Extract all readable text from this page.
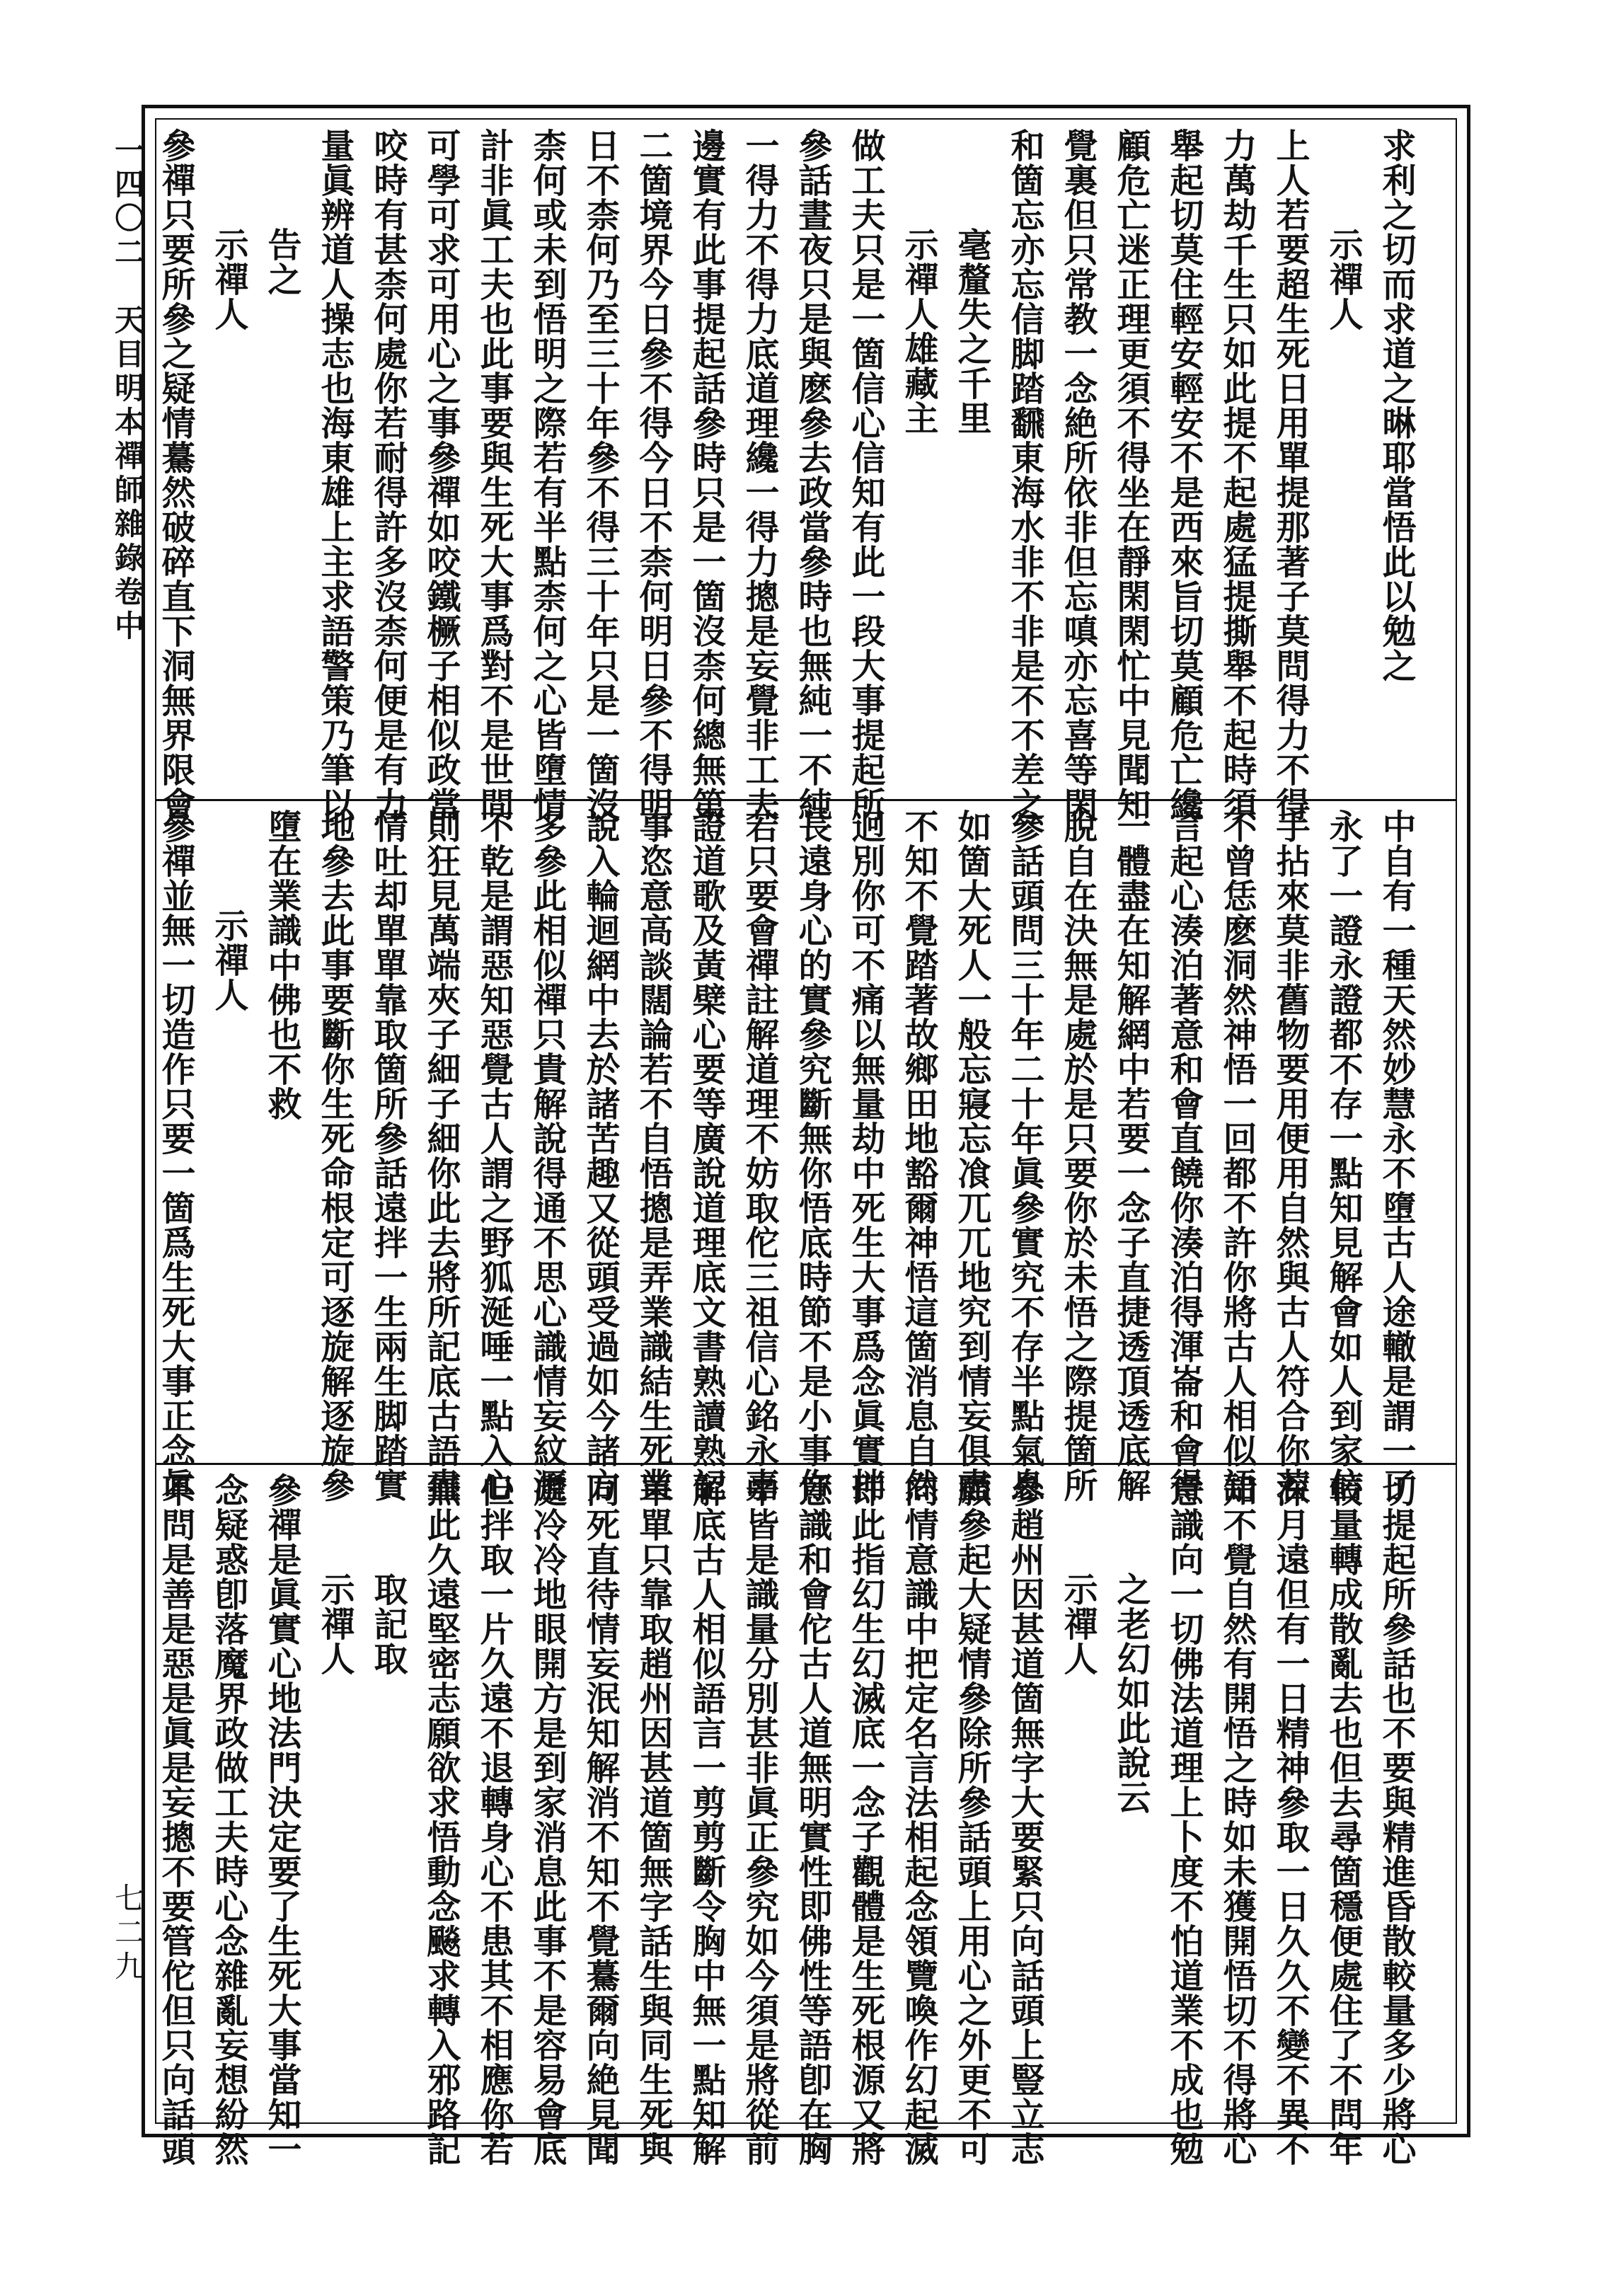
一四〇二　天目明本禪師雜錄卷中
七二九
求利之切而求道之晽耶當悟此以勉之
示禪人
上人若要超生死日用單提那著子莫問得力不得
力萬劫千生只如此提不起處猛提撕舉不起時須
舉起切莫住輕安輕安不是西來旨切莫顧危亡纔
顧危亡迷正理更須不得坐在靜閑閑忙中見聞知
覺裏但只常教一念絶所依非但忘嗔亦忘喜等閑
和箇忘亦忘信脚踏飜東海水非不非是不不差之
毫釐失之千里
示禪人雄藏主
做工夫只是一箇信心信知有此一段大事提起所
參話晝夜只是與麽參去政當參時也無純一不純
一得力不得力底道理纔一得力摠是妄覺非工夫
邊實有此事提起話參時只是一箇沒柰何總無第
二箇境界今日參不得今日不柰何明日參不得明
日不柰何乃至三十年參不得三十年只是一箇沒
柰何或未到悟明之際若有半點柰何之心皆墮情
計非眞工夫也此事要與生死大事爲對不是世間
可學可求可用心之事參禪如咬鐵橛子相似政當
咬時有甚柰何處你若耐得許多沒柰何便是有力
量眞辨道人操志也海東雄上主求語警策乃筆以
告之
示禪人
參禪只要所參之疑情驀然破碎直下洞無界限會
中自有一種天然妙慧永不墮古人途轍是謂一了
永了一證永證都不存一點知見解會如人到家信
手拈來莫非舊物要用便用自然與古人符合你若
不曾恁麽洞然神悟一回都不許你將古人相似語
言起心湊泊著意和會直饒你湊泊得渾崙和會得
一體盡在知解網中若要一念子直捷透頂透底解
脫自在決無是處於是只要你於未悟之際提箇所
參話頭問三十年二十年眞參實究不存半點氣息
如箇大死人一般忘寢忘飡兀兀地究到情妄俱盡
不知不覺踏著故鄉田地豁爾神悟這箇消息自然
迥別你可不痛以無量劫中死生大事爲念眞實拌
長遠身心的實參究斷無你悟底時節不是小事你
若只要會禪註解道理不妨取佗三祖信心銘永嘉
證道歌及黃檗心要等廣說道理底文書熟讀熟記
事恣意高談闊論若不自悟摠是弄業識結生死業
說入輪迴網中去於諸苦趣又從頭受過如今諸方
多參此相似禪只貴解說得通不思心識情妄紋瀝
不乾是謂惡知惡覺古人謂之野狐涎唾一點入心
則狂見萬端夾子細子細你此去將所記底古語盡
情吐却單單靠取箇所參話遠拌一生兩生脚踏實
地參去此事要斷你生死命根定可逐旋解逐旋參
墮在業識中佛也不救
示禪人
參禪並無一切造作只要一箇爲生死大事正念眞
切提起所參話也不要與精進昏散較量多少將心
較量轉成散亂去也但去尋箇穩便處住了不問年
深月遠但有一日精神參取一日久久不變不異不
知不覺自然有開悟之時如未獲開悟切不得將心
意識向一切佛法道理上卜度不怕道業不成也勉
之老幻如此說云
示禪人
參趙州因甚道箇無字大要緊只向話頭上豎立志
願參起大疑情參除所參話頭上用心之外更不可
向情意識中把定名言法相起念領覽喚作幻起滅
即此指幻生幻滅底一念子觀體是生死根源又將
意識和會佗古人道無明實性即佛性等語卽在胸
中皆是識量分別甚非眞正參究如今須是將從前
解底古人相似語言一剪剪斷令胸中無一點知解
單單只靠取趙州因甚道箇無字話生與同生死與
同死直待情妄泯知解消不知不覺驀爾向絶見聞
處冷冷地眼開方是到家消息此事不是容易會底
但拌取一片久遠不退轉身心不患其不相應你若
無此久遠堅密志願欲求悟動念飈求轉入邪路記
取記取
示禪人
參禪是眞實心地法門決定要了生死大事當知一
念疑惑卽落魔界政做工夫時心念雜亂妄想紛然
不問是善是惡是眞是妄摠不要管佗但只向話頭
